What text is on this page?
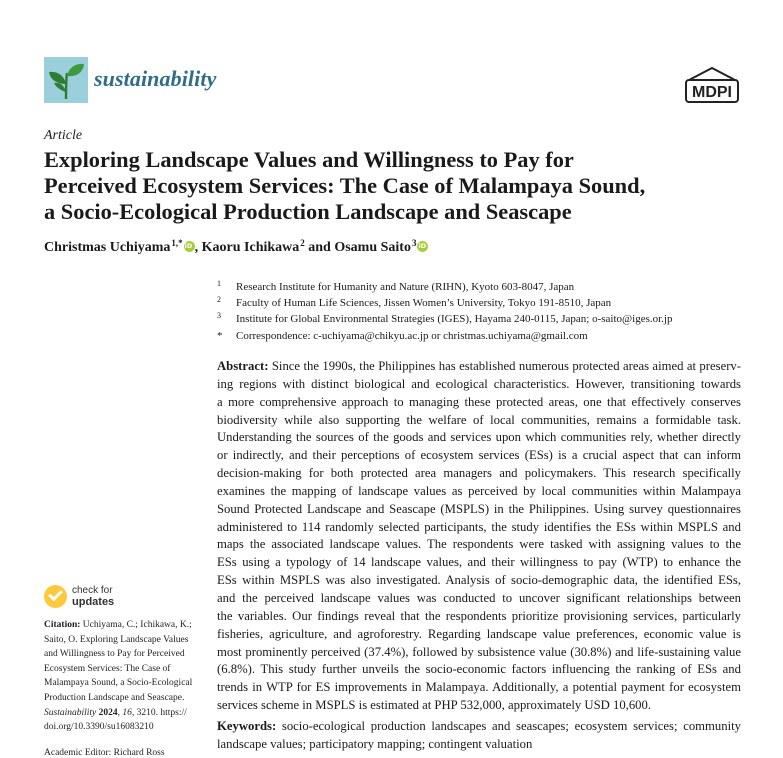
sustainability
MDPI
Article
Exploring Landscape Values and Willingness to Pay for
Perceived Ecosystem Services: The Case of Malampaya Sound,
a Socio-Ecological Production Landscape and Seascape
Christmas Uchiyama$^{1,*}$iD , Kaoru Ichikawa$^2$ and Osamu Saito$^3$iD
1 Research Institute for Humanity and Nature (RIHN), Kyoto 603-8047, Japan
2 Faculty of Human Life Sciences, Jissen Women’s University, Tokyo 191-8510, Japan
3 Institute for Global Environmental Strategies (IGES), Hayama 240-0115, Japan; o-saito@iges.or.jp
* Correspondence: c-uchiyama@chikyu.ac.jp or christmas.uchiyama@gmail.com
Abstract: Since the 1990s, the Philippines has established numerous protected areas aimed at preserv-
ing regions with distinct biological and ecological characteristics. However, transitioning towards
a more comprehensive approach to managing these protected areas, one that effectively conserves
biodiversity while also supporting the welfare of local communities, remains a formidable task.
Understanding the sources of the goods and services upon which communities rely, whether directly
or indirectly, and their perceptions of ecosystem services (ESs) is a crucial aspect that can inform
decision-making for both protected area managers and policymakers. This research specifically
examines the mapping of landscape values as perceived by local communities within Malampaya
Sound Protected Landscape and Seascape (MSPLS) in the Philippines. Using survey questionnaires
administered to 114 randomly selected participants, the study identifies the ESs within MSPLS and
maps the associated landscape values. The respondents were tasked with assigning values to the
ESs using a typology of 14 landscape values, and their willingness to pay (WTP) to enhance the
ESs within MSPLS was also investigated. Analysis of socio-demographic data, the identified ESs,
and the perceived landscape values was conducted to uncover significant relationships between
the variables. Our findings reveal that the respondents prioritize provisioning services, particularly
fisheries, agriculture, and agroforestry. Regarding landscape value preferences, economic value is
most prominently perceived (37.4%), followed by subsistence value (30.8%) and life-sustaining value
(6.8%). This study further unveils the socio-economic factors influencing the ranking of ESs and
trends in WTP for ES improvements in Malampaya. Additionally, a potential payment for ecosystem
services scheme in MSPLS is estimated at PHP 532,000, approximately USD 10,600.
Keywords: socio-ecological production landscapes and seascapes; ecosystem services; community
landscape values; participatory mapping; contingent valuation
check for
updates
Citation: Uchiyama, C.; Ichikawa, K.;
Saito, O. Exploring Landscape Values
and Willingness to Pay for Perceived
Ecosystem Services: The Case of
Malampaya Sound, a Socio-Ecological
Production Landscape and Seascape.
Sustainability 2024, 16, 3210. https://
doi.org/10.3390/su16083210
Academic Editor: Richard Ross
